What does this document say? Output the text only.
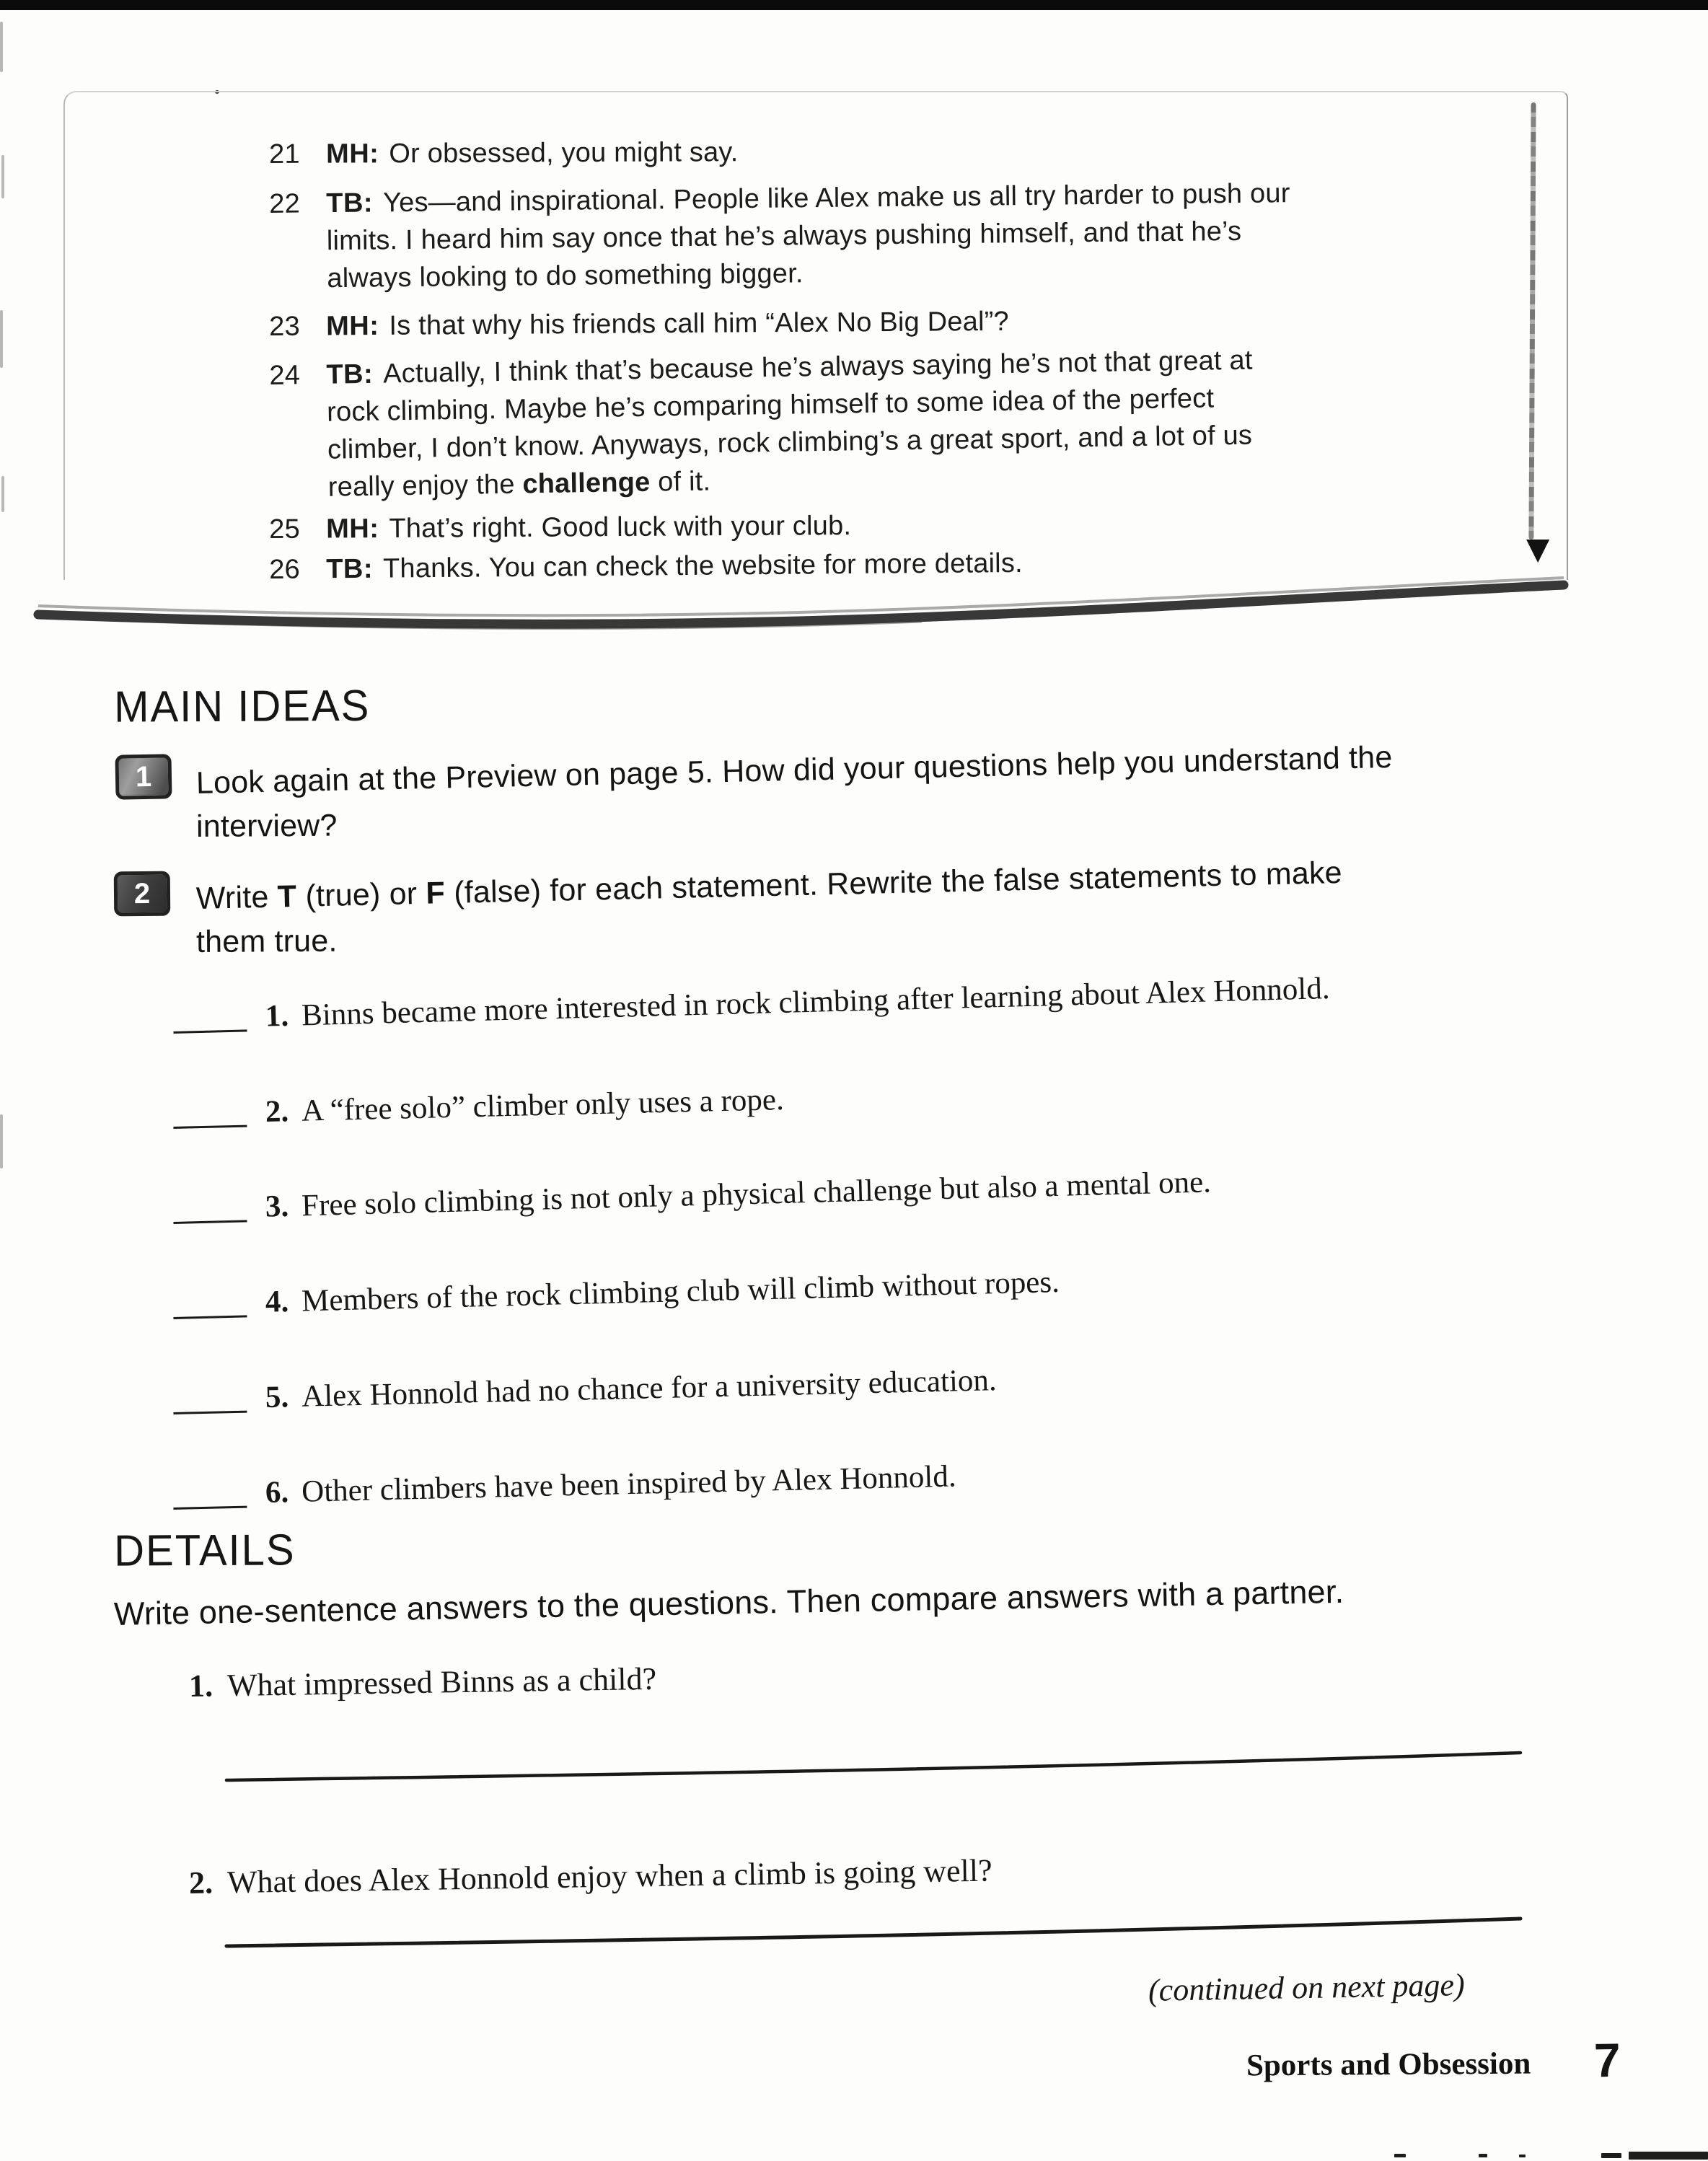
▼
21 MH: Or obsessed, you might say.
22 TB: Yes—and inspirational. People like Alex make us all try harder to push our
limits. I heard him say once that he’s always pushing himself, and that he’s
always looking to do something bigger.
23 MH: Is that why his friends call him “Alex No Big Deal”?
24 TB: Actually, I think that’s because he’s always saying he’s not that great at
rock climbing. Maybe he’s comparing himself to some idea of the perfect
climber, I don’t know. Anyways, rock climbing’s a great sport, and a lot of us
really enjoy the challenge of it.
25 MH: That’s right. Good luck with your club.
26 TB: Thanks. You can check the website for more details.
MAIN IDEAS
1 Look again at the Preview on page 5. How did your questions help you understand the
interview?
2 Write T (true) or F (false) for each statement. Rewrite the false statements to make
them true.
1. Binns became more interested in rock climbing after learning about Alex Honnold.
2. A “free solo” climber only uses a rope.
3. Free solo climbing is not only a physical challenge but also a mental one.
4. Members of the rock climbing club will climb without ropes.
5. Alex Honnold had no chance for a university education.
6. Other climbers have been inspired by Alex Honnold.
DETAILS
Write one-sentence answers to the questions. Then compare answers with a partner.
1. What impressed Binns as a child?
2. What does Alex Honnold enjoy when a climb is going well?
(continued on next page)
Sports and Obsession 7
